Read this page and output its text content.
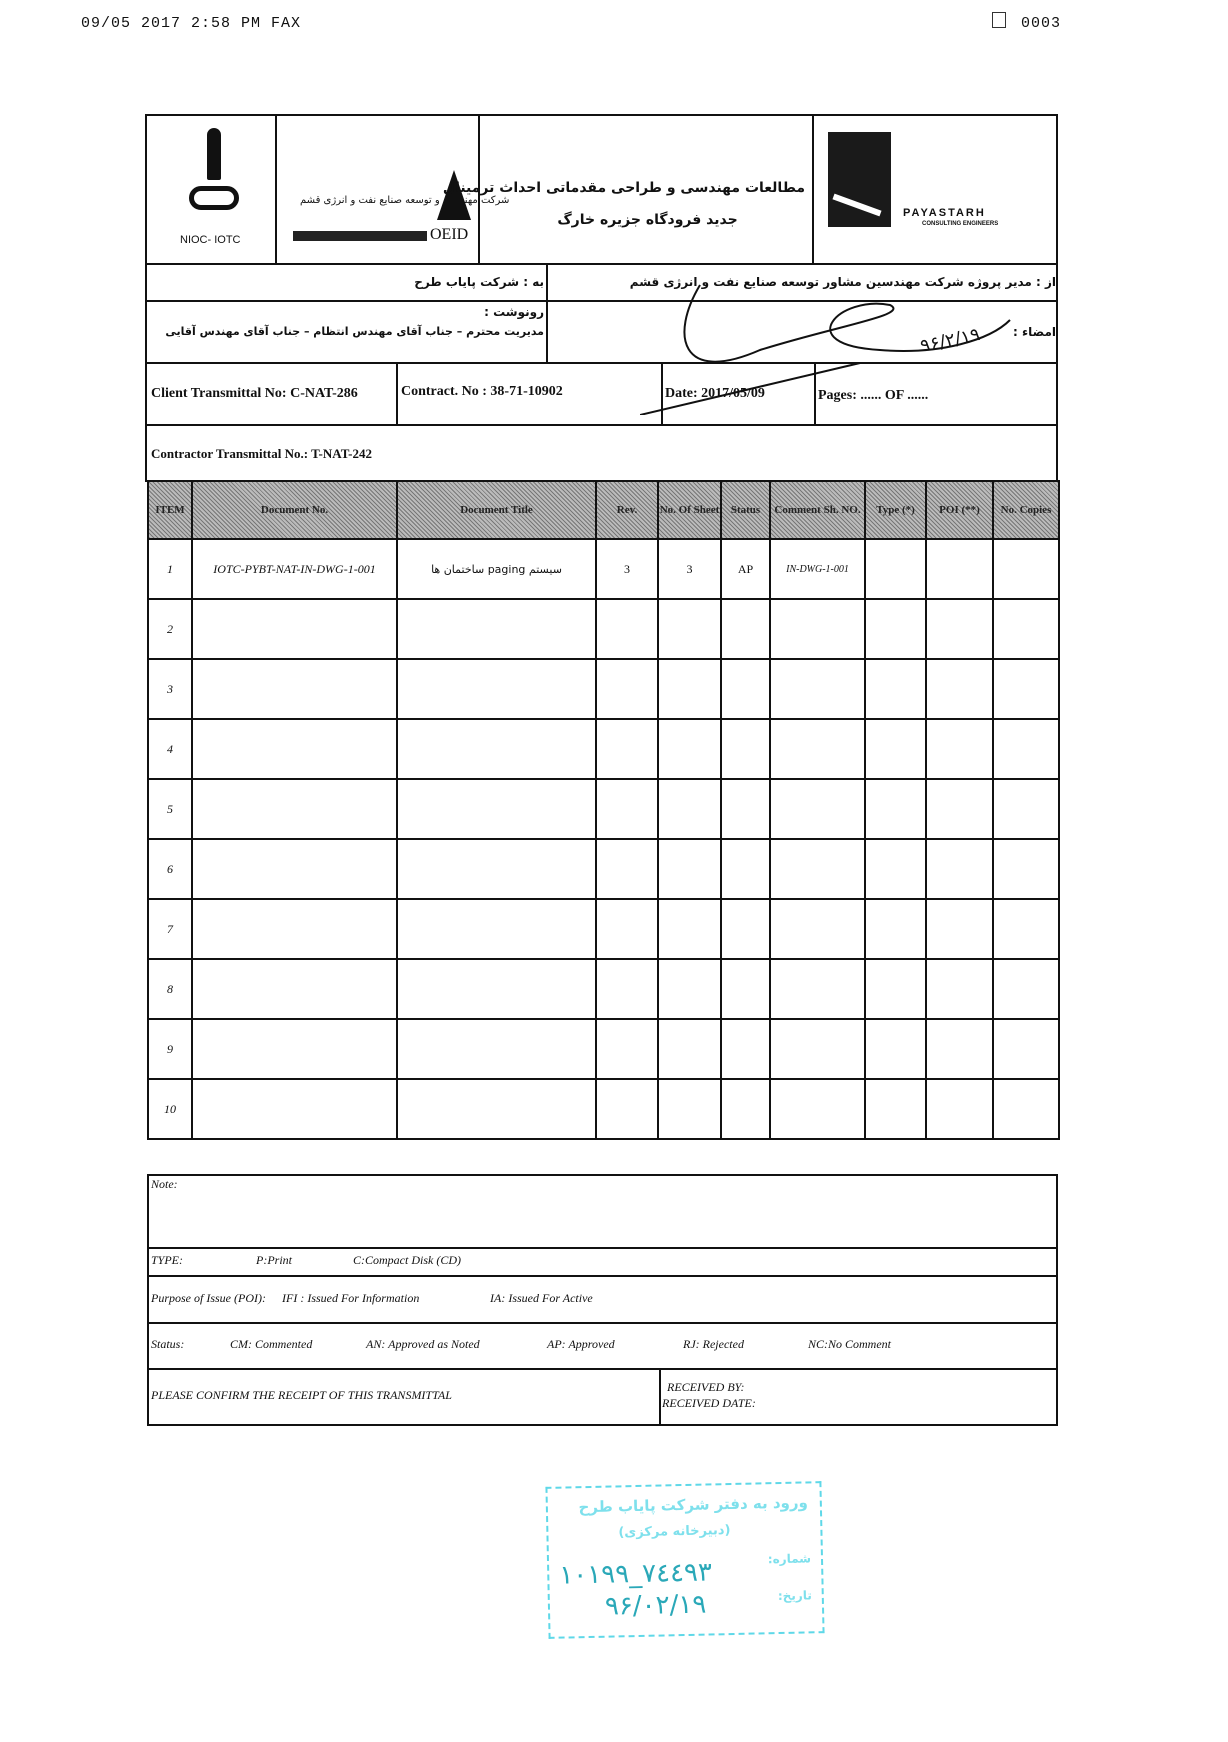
09/05 2017 2:58 PM FAX	0003
NIOC- IOTC
شرکت مهندسی و توسعه صنایع نفت و انرژی قشم
OEID
مطالعات مهندسی و طراحی مقدماتی احداث ترمینال
جدید فرودگاه جزیره خارگ	PAYASTARH
CONSULTING ENGINEERS
به : شرکت پایاب طرح	از : مدیر پروژه شرکت مهندسین مشاور توسعه صنایع نفت و انرژی قشم
رونوشت :
مدیریت محترم – جناب آقای مهندس انتظام – جناب آقای مهندس آقایی	امضاء :
۹۶/۲/۱۹
Client Transmittal No: C-NAT-286	Contract. No : 38-71-10902	Date: 2017/05/09	Pages: ...... OF ......
Contractor Transmittal No.: T-NAT-242
ITEM	Document No.	Document Title	Rev.	No. Of Sheet	Status	Comment Sh. NO.	Type (*)	POI (**)	No. Copies
1	IOTC-PYBT-NAT-IN-DWG-1-001	سیستم paging ساختمان ها	3	3	AP	IN-DWG-1-001			
2									
3									
4									
5									
6									
7									
8									
9									
10									
Note:
TYPE:	P:Print	C:Compact Disk (CD)
Purpose of Issue (POI): IFI : Issued For Information	IA: Issued For Active
Status:	CM: Commented	AN: Approved as Noted	AP: Approved	RJ: Rejected	NC:No Comment
PLEASE CONFIRM THE RECEIPT OF THIS TRANSMITTAL
RECEIVED BY:
RECEIVED DATE:
ورود به دفتر شرکت پایاب طرح
(دبیرخانه مرکزی)
شماره:
۱۰۱۹۹_۷٤٤۹۳
تاریخ:
۹۶/۰۲/۱۹
